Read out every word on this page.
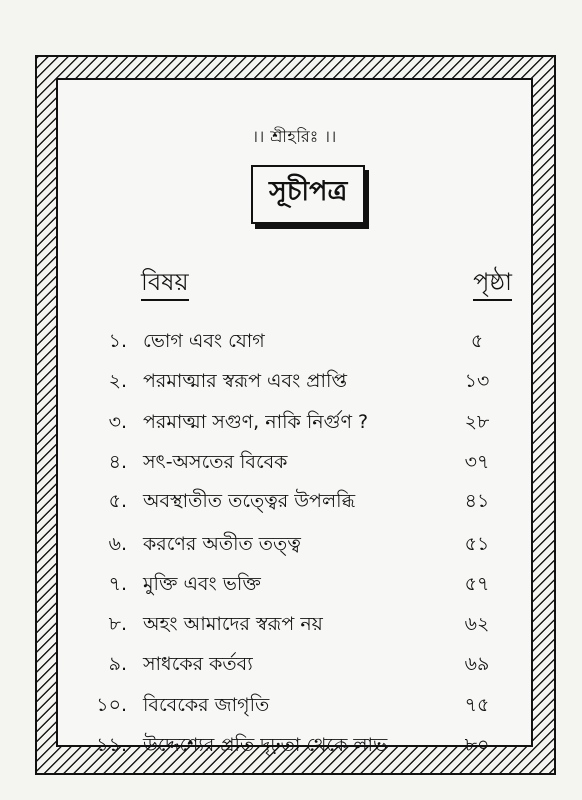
।। শ্রীহরিঃ ।।
সূচীপত্র
বিষয়	পৃষ্ঠা
১. ভোগ এবং যোগ	৫
২. পরমাত্মার স্বরূপ এবং প্রাপ্তি	১৩
৩. পরমাত্মা সগুণ, নাকি নির্গুণ ?	২৮
৪. সৎ-অসতের বিবেক	৩৭
৫. অবস্থাতীত তত্ত্বের উপলব্ধি	৪১
৬. করণের অতীত তত্ত্ব	৫১
৭. মুক্তি এবং ভক্তি	৫৭
৮. অহং আমাদের স্বরূপ নয়	৬২
৯. সাধকের কর্তব্য	৬৯
১০. বিবেকের জাগৃতি	৭৫
১১. উদ্দেশ্যের প্রতি দৃঢ়তা থেকে লাভ	৮০
